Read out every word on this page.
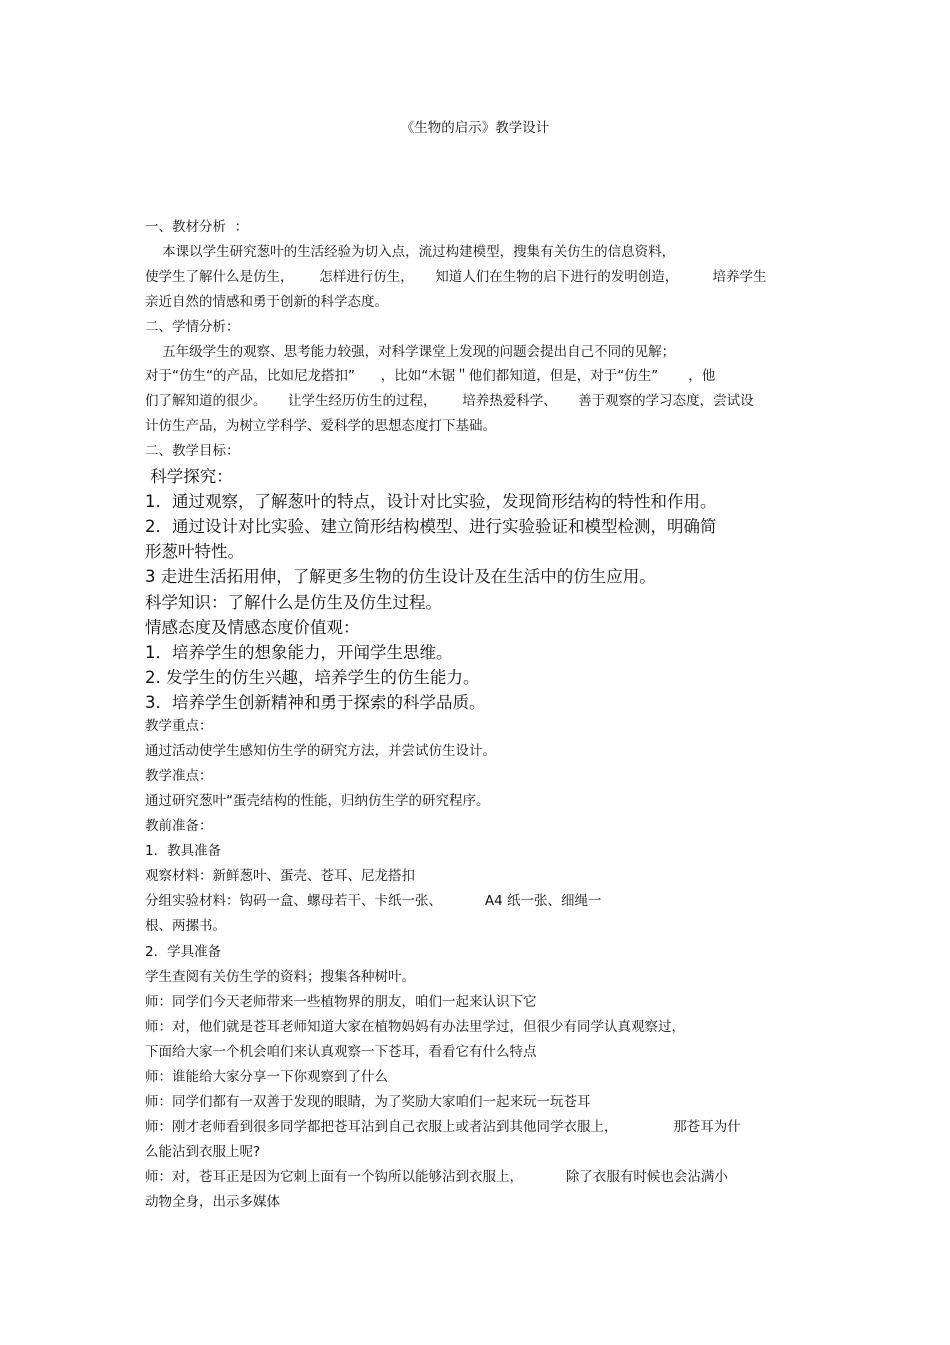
《生物的启示》教学设计
一、教材分析  ：
本课以学生研究葱叶的生活经验为切入点，流过构建模型，搜集有关仿生的信息资料，
使学生了解什么是仿生，      怎样进行仿生，     知道人们在生物的启下进行的发明创造，        培养学生
亲近自然的情感和勇于创新的科学态度。
二、学情分析：
五年级学生的观察、思考能力较强，对科学课堂上发现的问题会提出自己不同的见解；
对于“仿生“的产品，比如尼龙搭扣”      ，比如“木锯＂他们都知道，但是，对于“仿生”       ，他
们了解知道的很少。     让学生经历仿生的过程，      培养热爱科学、     善于观察的学习态度，尝试设
计仿生产品，为树立学科学、爱科学的思想态度打下基础。
二、教学目标：
科学探究：
1．通过观察，了解葱叶的特点，设计对比实验，发现简形结构的特性和作用。
2．通过设计对比实验、建立简形结构模型、进行实验验证和模型检测，明确简
形葱叶特性。
3 走进生活拓用伸，了解更多生物的仿生设计及在生活中的仿生应用。
科学知识：了解什么是仿生及仿生过程。
情感态度及情感态度价值观：
1．培养学生的想象能力，开闻学生思维。
2. 发学生的仿生兴趣，培养学生的仿生能力。
3．培养学生创新精神和勇于探索的科学品质。
教学重点：
通过活动使学生感知仿生学的研究方法，并尝试仿生设计。
教学准点：
通过研究葱叶“蛋壳结构的性能，归纳仿生学的研究程序。
教前准备：
1．教具准备
观察材料：新鲜葱叶、蛋壳、苍耳、尼龙搭扣
分组实验材料：钩码一盒、螺母若干、卡纸一张、          A4 纸一张、细绳一
根、两摞书。
2．学具准备
学生查阅有关仿生学的资料；搜集各种树叶。
师：同学们今天老师带来一些植物界的朋友，咱们一起来认识下它
师：对，他们就是苍耳老师知道大家在植物妈妈有办法里学过，但很少有同学认真观察过，
下面给大家一个机会咱们来认真观察一下苍耳，看看它有什么特点
师：谁能给大家分享一下你观察到了什么
师：同学们都有一双善于发现的眼睛，为了奖励大家咱们一起来玩一玩苍耳
师：刚才老师看到很多同学都把苍耳沾到自己衣服上或者沾到其他同学衣服上，             那苍耳为什
么能沾到衣服上呢?
师：对，苍耳正是因为它刺上面有一个钩所以能够沾到衣服上，          除了衣服有时候也会沾满小
动物全身，出示多媒体
